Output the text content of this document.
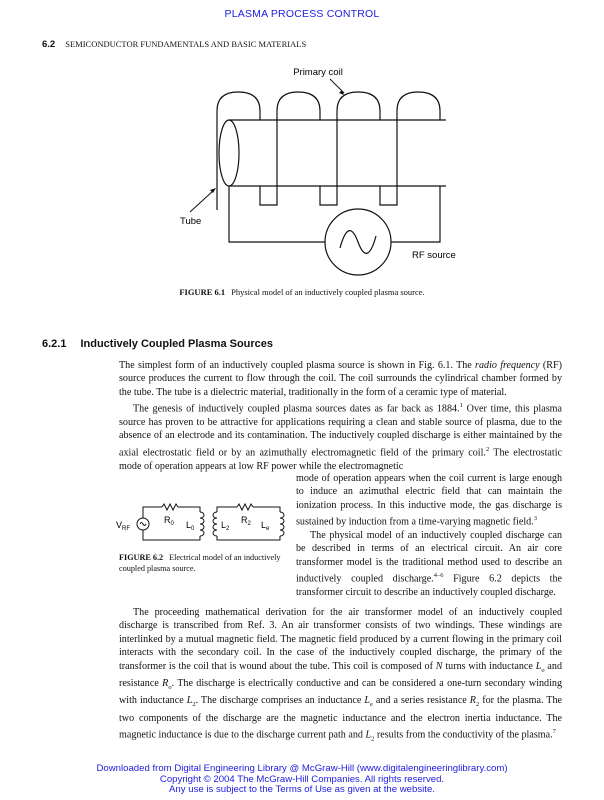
PLASMA PROCESS CONTROL
6.2 SEMICONDUCTOR FUNDAMENTALS AND BASIC MATERIALS
Primary coil
RF source
Tube
FIGURE 6.1 Physical model of an inductively coupled plasma source.
6.2.1 Inductively Coupled Plasma Sources

The simplest form of an inductively coupled plasma source is shown in Fig. 6.1. The radio frequency (RF) source produces the current to flow through the coil. The coil surrounds the cylindrical chamber formed by the tube. The tube is a dielectric material, traditionally in the form of a ceramic type of material.

The genesis of inductively coupled plasma sources dates as far back as 1884.$^1$ Over time, this plasma source has proven to be attractive for applications requiring a clean and stable source of plasma, due to the absence of an electrode and its contamination. The inductively coupled discharge is either maintained by the axial electrostatic field or by an azimuthally electromagnetic field of the primary coil.$^2$ The electrostatic mode of operation appears at low RF power while the electromagnetic

mode of operation appears when the coil current is large enough to induce an azimuthal electric field that can maintain the ionization process. In this inductive mode, the gas discharge is sustained by induction from a time-varying magnetic field.$^3$

The physical model of an inductively coupled discharge can be described in terms of an electrical circuit. An air core transformer model is the traditional method used to describe an inductively coupled discharge.$^{4-6}$ Figure 6.2 depicts the transformer circuit to describe an inductively coupled discharge.

$V_{RF}$
$R_0$ $L_0$	$L_2$
$R_2$ $L_e$
FIGURE 6.2 Electrical model of an inductively coupled plasma source.

The proceeding mathematical derivation for the air transformer model of an inductively coupled discharge is transcribed from Ref. 3. An air transformer consists of two windings. These windings are interlinked by a mutual magnetic field. The magnetic field produced by a current flowing in the primary coil interacts with the secondary coil. In the case of the inductively coupled discharge, the primary of the transformer is the coil that is wound about the tube. This coil is composed of N turns with inductance $L_o$ and resistance $R_o$. The discharge is electrically conductive and can be considered a one-turn secondary winding with inductance $L_2$. The discharge comprises an inductance $L_e$ and a series resistance $R_2$ for the plasma. The two components of the discharge are the magnetic inductance and the electron inertia inductance. The magnetic inductance is due to the discharge current path and $L_2$ results from the conductivity of the plasma.$^7$

Downloaded from Digital Engineering Library @ McGraw-Hill (www.digitalengineeringlibrary.com)
Copyright © 2004 The McGraw-Hill Companies. All rights reserved.
Any use is subject to the Terms of Use as given at the website.
